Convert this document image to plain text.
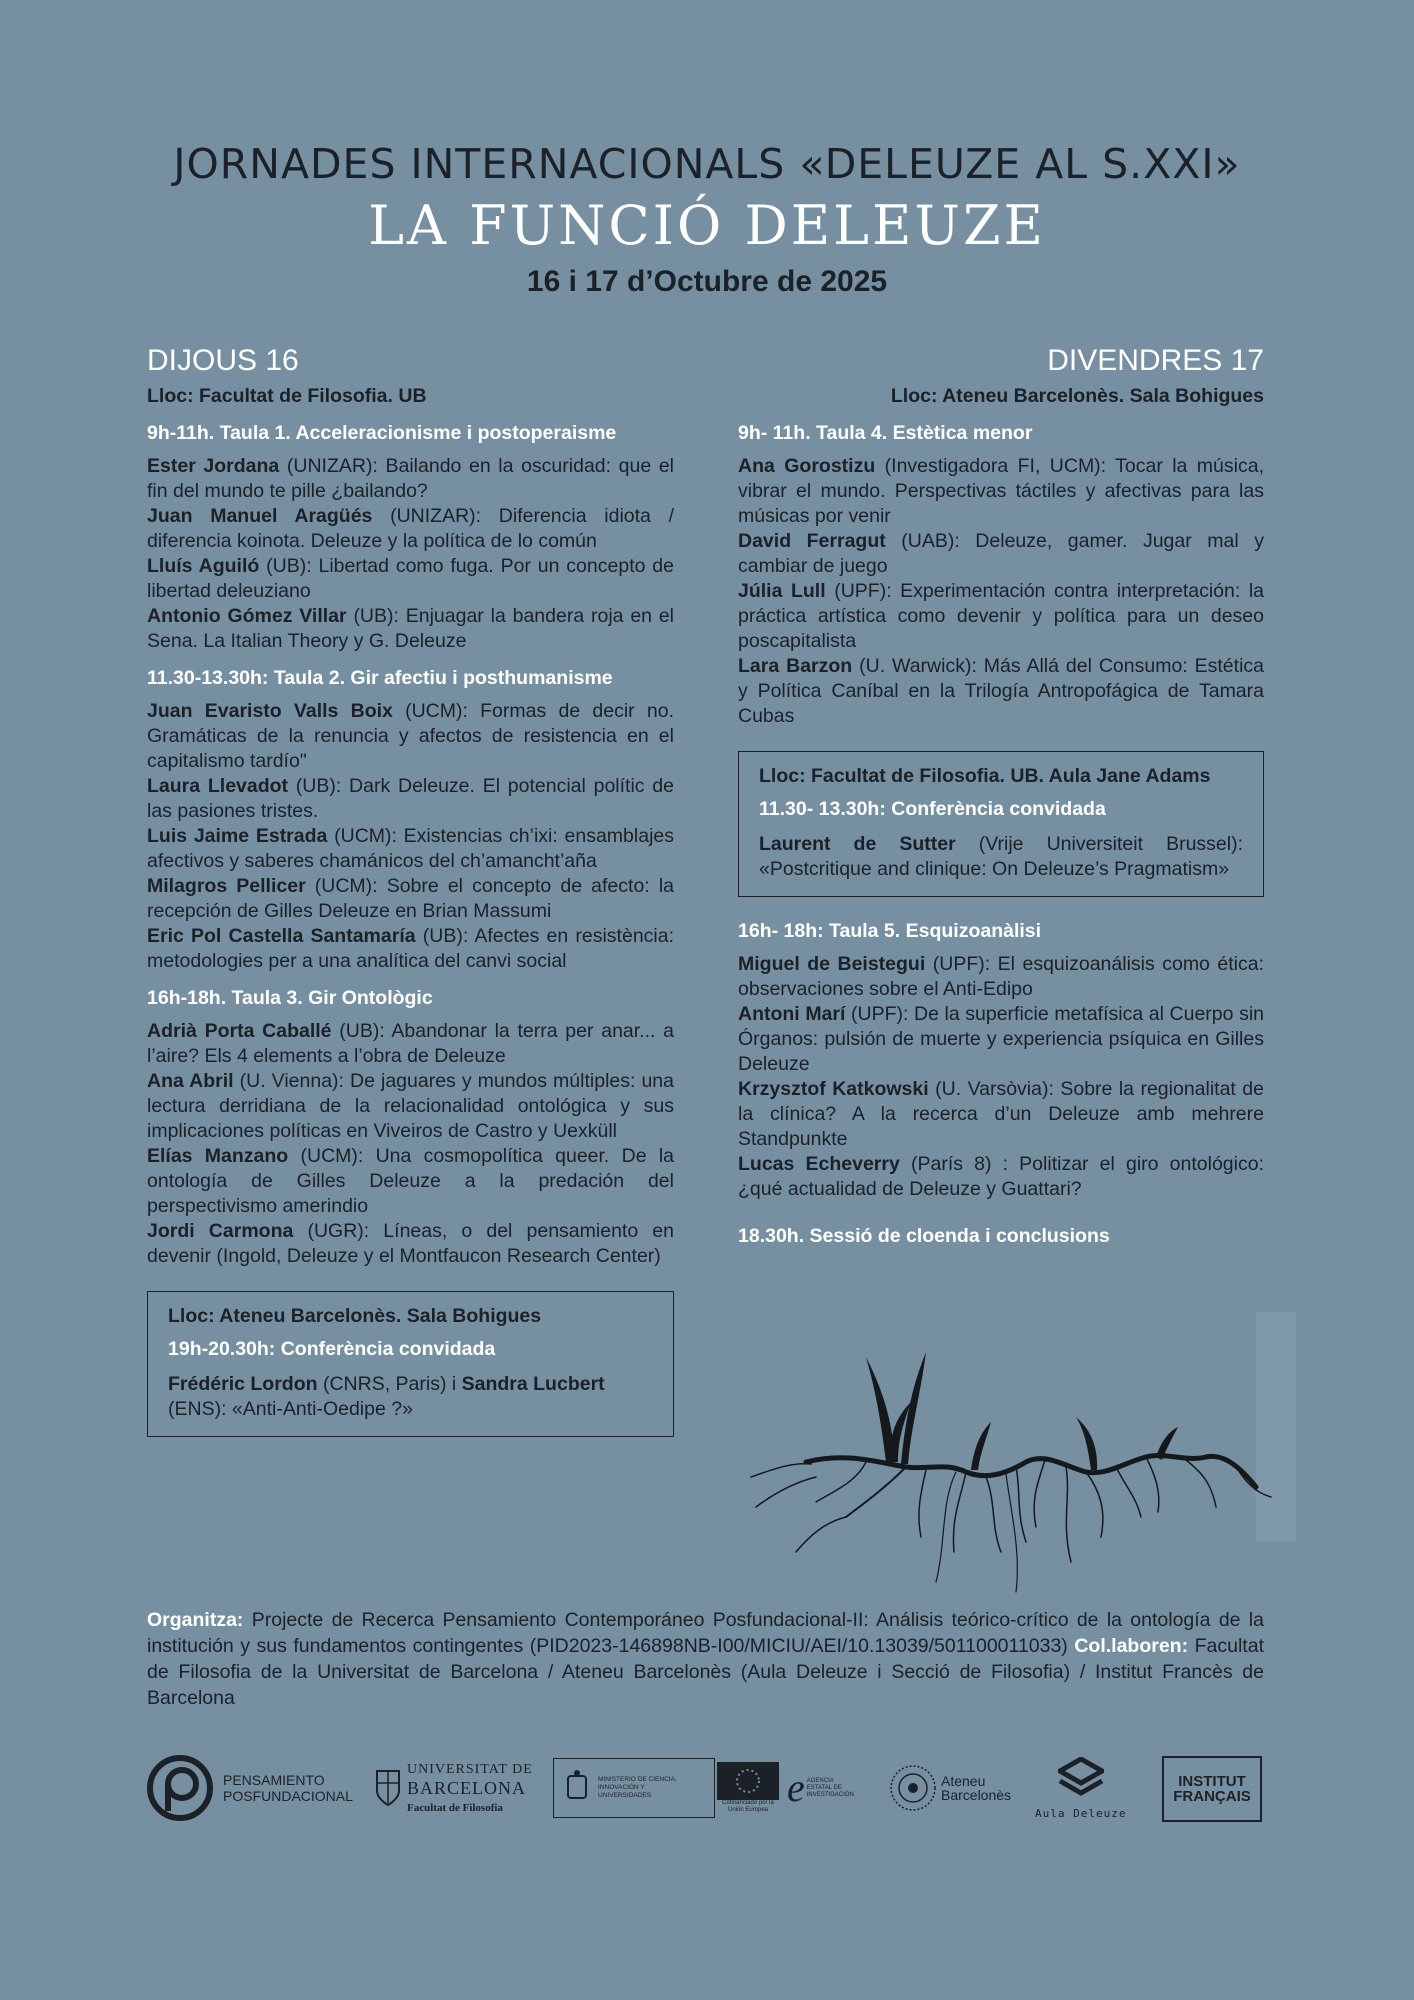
JORNADES INTERNACIONALS «DELEUZE AL S.XXI»
LA FUNCIÓ DELEUZE
16 i 17 d’Octubre de 2025
DIJOUS 16
Lloc: Facultat de Filosofia. UB
9h-11h. Taula 1. Acceleracionisme i postoperaisme
Ester Jordana (UNIZAR): Bailando en la oscuridad: que el fin del mundo te pille ¿bailando?
Juan Manuel Aragüés (UNIZAR): Diferencia idiota / diferencia koinota. Deleuze y la política de lo común
Lluís Aguiló (UB): Libertad como fuga. Por un concepto de libertad deleuziano
Antonio Gómez Villar (UB): Enjuagar la bandera roja en el Sena. La Italian Theory y G. Deleuze
11.30-13.30h: Taula 2. Gir afectiu i posthumanisme
Juan Evaristo Valls Boix (UCM): Formas de decir no. Gramáticas de la renuncia y afectos de resistencia en el capitalismo tardío"
Laura Llevadot (UB): Dark Deleuze. El potencial polític de las pasiones tristes.
Luis Jaime Estrada (UCM): Existencias ch’ixi: ensamblajes afectivos y saberes chamánicos del ch’amancht’aña
Milagros Pellicer (UCM): Sobre el concepto de afecto: la recepción de Gilles Deleuze en Brian Massumi
Eric Pol Castella Santamaría (UB): Afectes en resistència: metodologies per a una analítica del canvi social
16h-18h. Taula 3. Gir Ontològic
Adrià Porta Caballé (UB): Abandonar la terra per anar... a l’aire? Els 4 elements a l’obra de Deleuze
Ana Abril (U. Vienna): De jaguares y mundos múltiples: una lectura derridiana de la relacionalidad ontológica y sus implicaciones políticas en Viveiros de Castro y Uexküll
Elías Manzano (UCM): Una cosmopolítica queer. De la ontología de Gilles Deleuze a la predación del perspectivismo amerindio
Jordi Carmona (UGR): Líneas, o del pensamiento en devenir (Ingold, Deleuze y el Montfaucon Research Center)
Lloc: Ateneu Barcelonès. Sala Bohigues
19h-20.30h: Conferència convidada
Frédéric Lordon (CNRS, Paris) i Sandra Lucbert (ENS): «Anti-Anti-Oedipe ?»
DIVENDRES 17
Lloc: Ateneu Barcelonès. Sala Bohigues
9h- 11h. Taula 4. Estètica menor
Ana Gorostizu (Investigadora FI, UCM): Tocar la música, vibrar el mundo. Perspectivas táctiles y afectivas para las músicas por venir
David Ferragut (UAB): Deleuze, gamer. Jugar mal y cambiar de juego
Júlia Lull (UPF): Experimentación contra interpretación: la práctica artística como devenir y política para un deseo poscapitalista
Lara Barzon (U. Warwick): Más Allá del Consumo: Estética y Política Caníbal en la Trilogía Antropofágica de Tamara Cubas
Lloc: Facultat de Filosofia. UB. Aula Jane Adams
11.30- 13.30h: Conferència convidada
Laurent de Sutter (Vrije Universiteit Brussel): «Postcritique and clinique: On Deleuze’s Pragmatism»
16h- 18h: Taula 5. Esquizoanàlisi
Miguel de Beistegui (UPF): El esquizoanálisis como ética: observaciones sobre el Anti-Edipo
Antoni Marí (UPF): De la superficie metafísica al Cuerpo sin Órganos: pulsión de muerte y experiencia psíquica en Gilles Deleuze
Krzysztof Katkowski (U. Varsòvia): Sobre la regionalitat de la clínica? A la recerca d’un Deleuze amb mehrere Standpunkte
Lucas Echeverry (París 8) : Politizar el giro ontológico: ¿qué actualidad de Deleuze y Guattari?
18.30h. Sessió de cloenda i conclusions
Organitza: Projecte de Recerca Pensamiento Contemporáneo Posfundacional-II: Análisis teórico-crítico de la ontología de la institución y sus fundamentos contingentes (PID2023-146898NB-I00/MICIU/AEI/10.13039/501100011033) Col.laboren: Facultat de Filosofia de la Universitat de Barcelona / Ateneu Barcelonès (Aula Deleuze i Secció de Filosofia) / Institut Francès de Barcelona
PENSAMIENTO
POSFUNDACIONAL
UNIVERSITAT DE
BARCELONA
Facultat de Filosofia
MINISTERIO DE CIENCIA, INNOVACIÓN Y UNIVERSIDADES
Cofinanciado por la Unión Europea e AGENCIA ESTATAL DE INVESTIGACIÓN
Ateneu Barcelonès
Aula Deleuze
INSTITUT
FRANÇAIS
